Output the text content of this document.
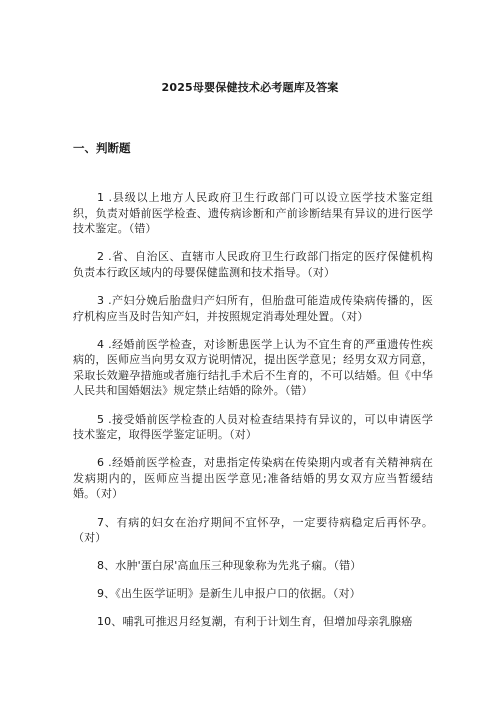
2025母婴保健技术必考题库及答案
一、判断题

1 .县级以上地方人民政府卫生行政部门可以设立医学技术鉴定组织，负责对婚前医学检查、遗传病诊断和产前诊断结果有异议的进行医学技术鉴定。（错）

2 .省、自治区、直辖市人民政府卫生行政部门指定的医疗保健机构负责本行政区域内的母婴保健监测和技术指导。（对）

3 .产妇分娩后胎盘归产妇所有，但胎盘可能造成传染病传播的，医疗机构应当及时告知产妇，并按照规定消毒处理处置。（对）

4 .经婚前医学检查，对诊断患医学上认为不宜生育的严重遗传性疾病的，医师应当向男女双方说明情况，提出医学意见；经男女双方同意，采取长效避孕措施或者施行结扎手术后不生育的，不可以结婚。但《中华人民共和国婚姻法》规定禁止结婚的除外。（错）

5 .接受婚前医学检查的人员对检查结果持有异议的，可以申请医学技术鉴定，取得医学鉴定证明。（对）

6 .经婚前医学检查，对患指定传染病在传染期内或者有关精神病在发病期内的，医师应当提出医学意见;准备结婚的男女双方应当暂缓结婚。（对）

7、有病的妇女在治疗期间不宜怀孕，一定要待病稳定后再怀孕。（对）

8、水肿'蛋白尿'高血压三种现象称为先兆子痫。（错）

9、《出生医学证明》是新生儿申报户口的依据。（对）

10、哺乳可推迟月经复潮，有利于计划生育，但增加母亲乳腺癌
